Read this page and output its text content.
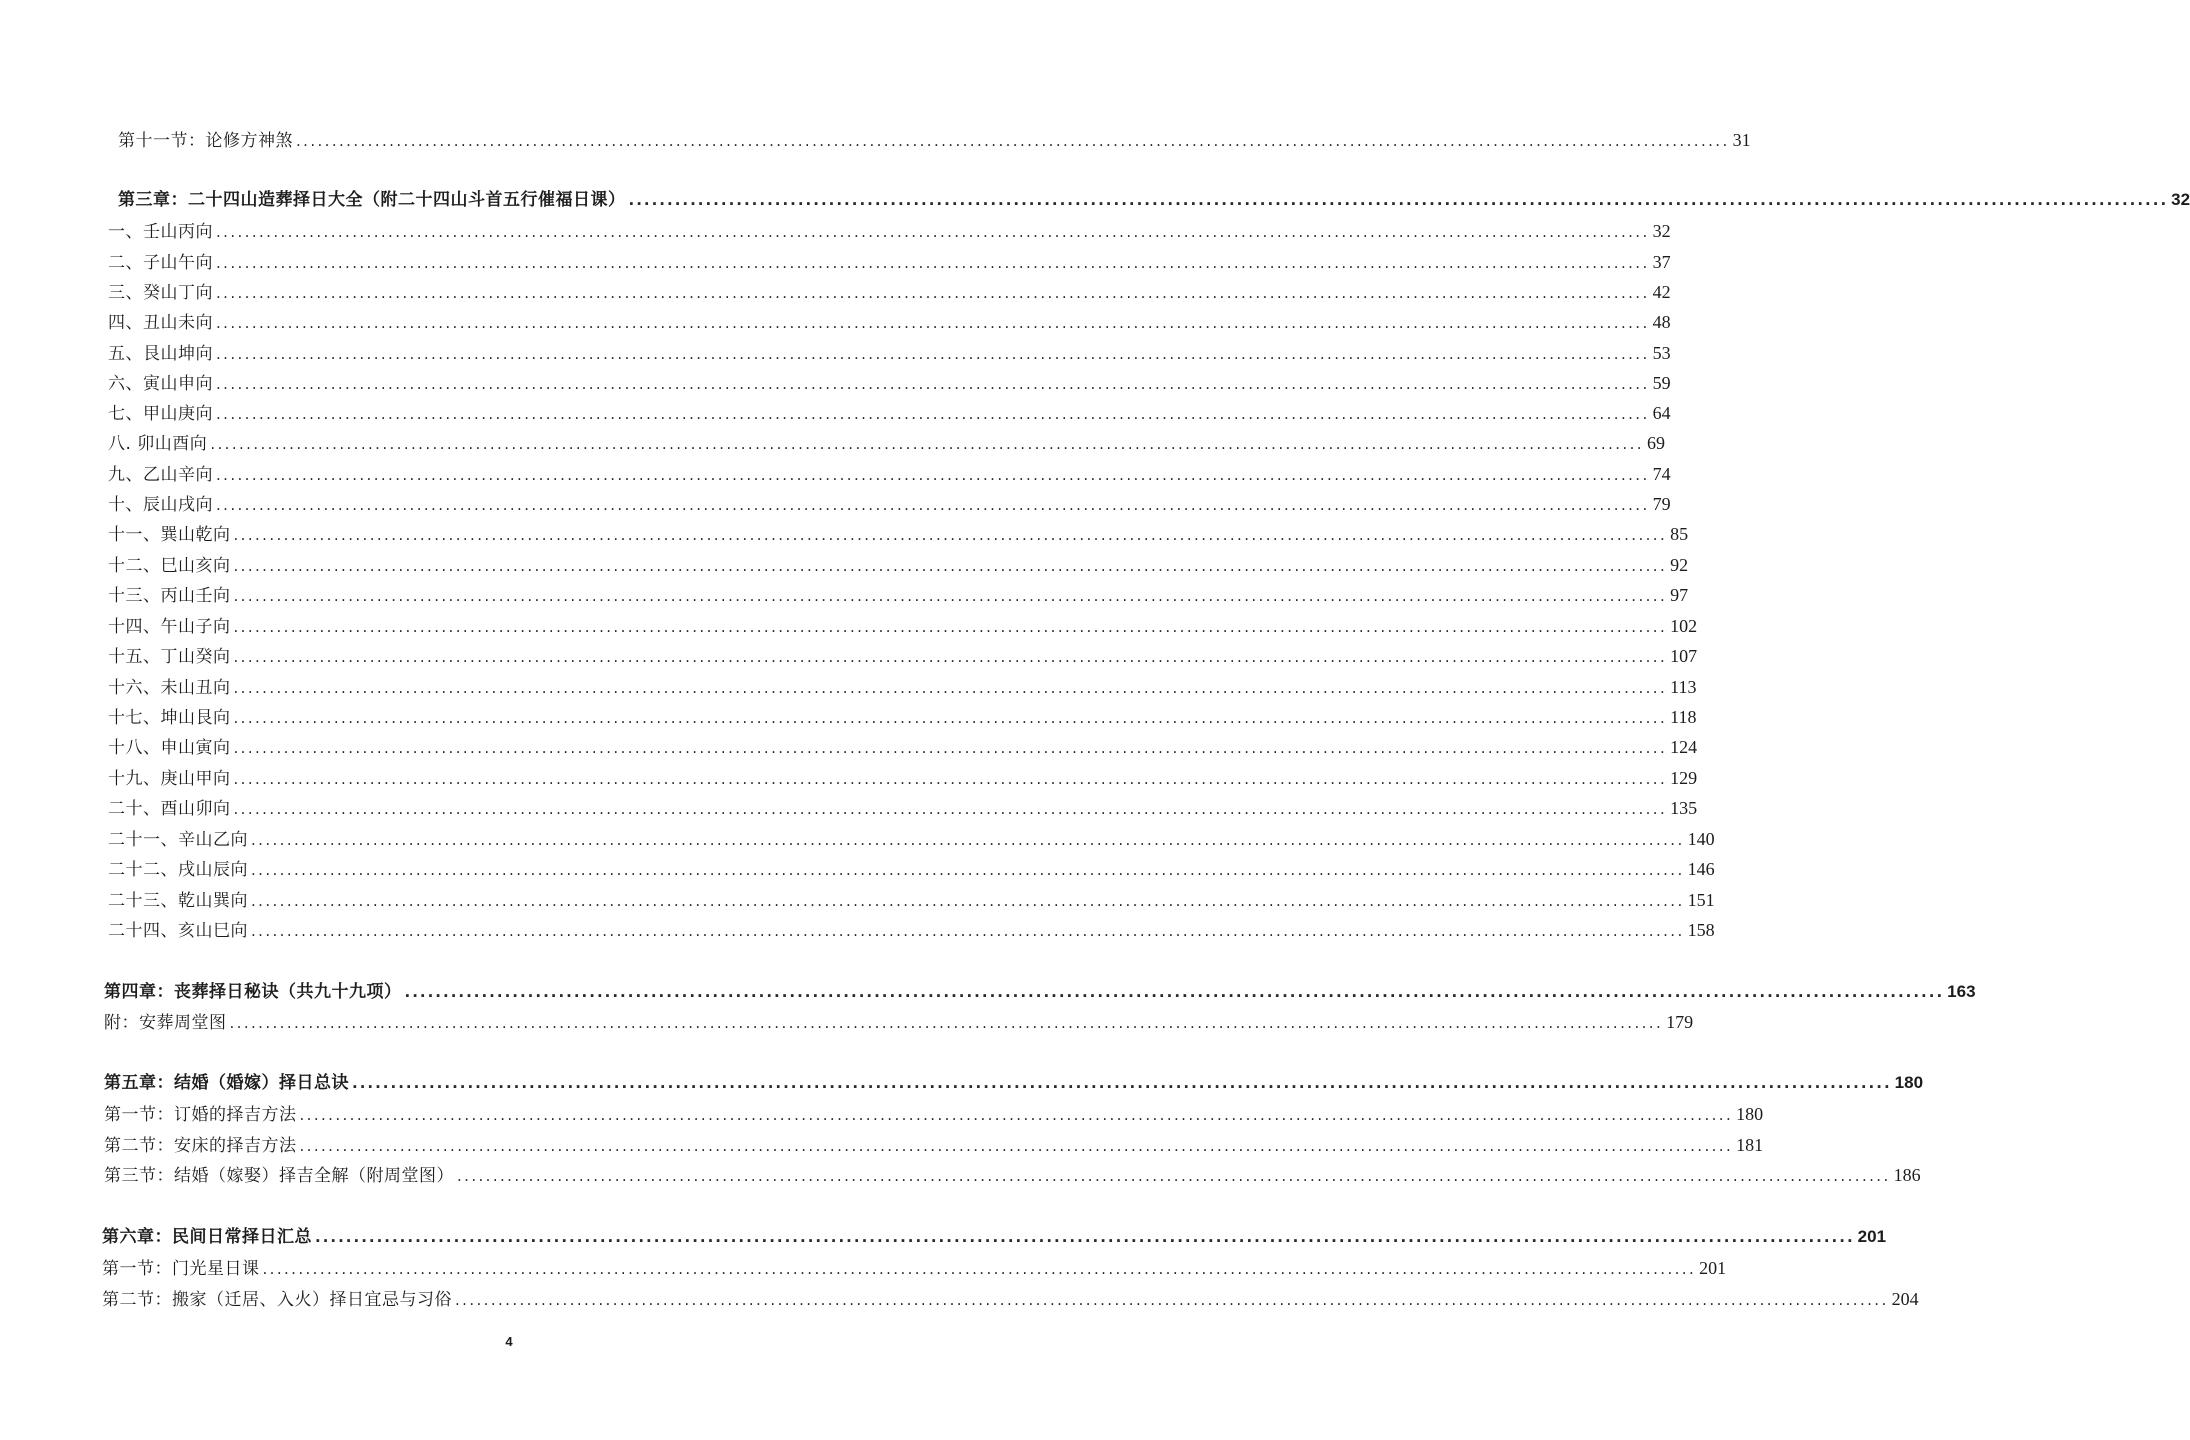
第十一节：论修方神煞 ........................................................................................................................................................................................................ 31
第三章：二十四山造葬择日大全（附二十四山斗首五行催福日课） ........................................................................................................................................................................................................ 32
一、壬山丙向 ........................................................................................................................................................................................................ 32
二、子山午向 ........................................................................................................................................................................................................ 37
三、癸山丁向 ........................................................................................................................................................................................................ 42
四、丑山未向 ........................................................................................................................................................................................................ 48
五、艮山坤向 ........................................................................................................................................................................................................ 53
六、寅山申向 ........................................................................................................................................................................................................ 59
七、甲山庚向 ........................................................................................................................................................................................................ 64
八. 卯山酉向 ........................................................................................................................................................................................................ 69
九、乙山辛向 ........................................................................................................................................................................................................ 74
十、辰山戌向 ........................................................................................................................................................................................................ 79
十一、巽山乾向 ........................................................................................................................................................................................................ 85
十二、巳山亥向 ........................................................................................................................................................................................................ 92
十三、丙山壬向 ........................................................................................................................................................................................................ 97
十四、午山子向 ........................................................................................................................................................................................................ 102
十五、丁山癸向 ........................................................................................................................................................................................................ 107
十六、未山丑向 ........................................................................................................................................................................................................ 113
十七、坤山艮向 ........................................................................................................................................................................................................ 118
十八、申山寅向 ........................................................................................................................................................................................................ 124
十九、庚山甲向 ........................................................................................................................................................................................................ 129
二十、酉山卯向 ........................................................................................................................................................................................................ 135
二十一、辛山乙向 ........................................................................................................................................................................................................ 140
二十二、戌山辰向 ........................................................................................................................................................................................................ 146
二十三、乾山巽向 ........................................................................................................................................................................................................ 151
二十四、亥山巳向 ........................................................................................................................................................................................................ 158
第四章：丧葬择日秘诀（共九十九项） ........................................................................................................................................................................................................ 163
附：安葬周堂图 ........................................................................................................................................................................................................ 179
第五章：结婚（婚嫁）择日总诀 ........................................................................................................................................................................................................ 180
第一节：订婚的择吉方法 ........................................................................................................................................................................................................ 180
第二节：安床的择吉方法 ........................................................................................................................................................................................................ 181
第三节：结婚（嫁娶）择吉全解（附周堂图） ........................................................................................................................................................................................................ 186
第六章：民间日常择日汇总 ........................................................................................................................................................................................................ 201
第一节：门光星日课 ........................................................................................................................................................................................................ 201
第二节：搬家（迁居、入火）择日宜忌与习俗 ........................................................................................................................................................................................................ 204
4
